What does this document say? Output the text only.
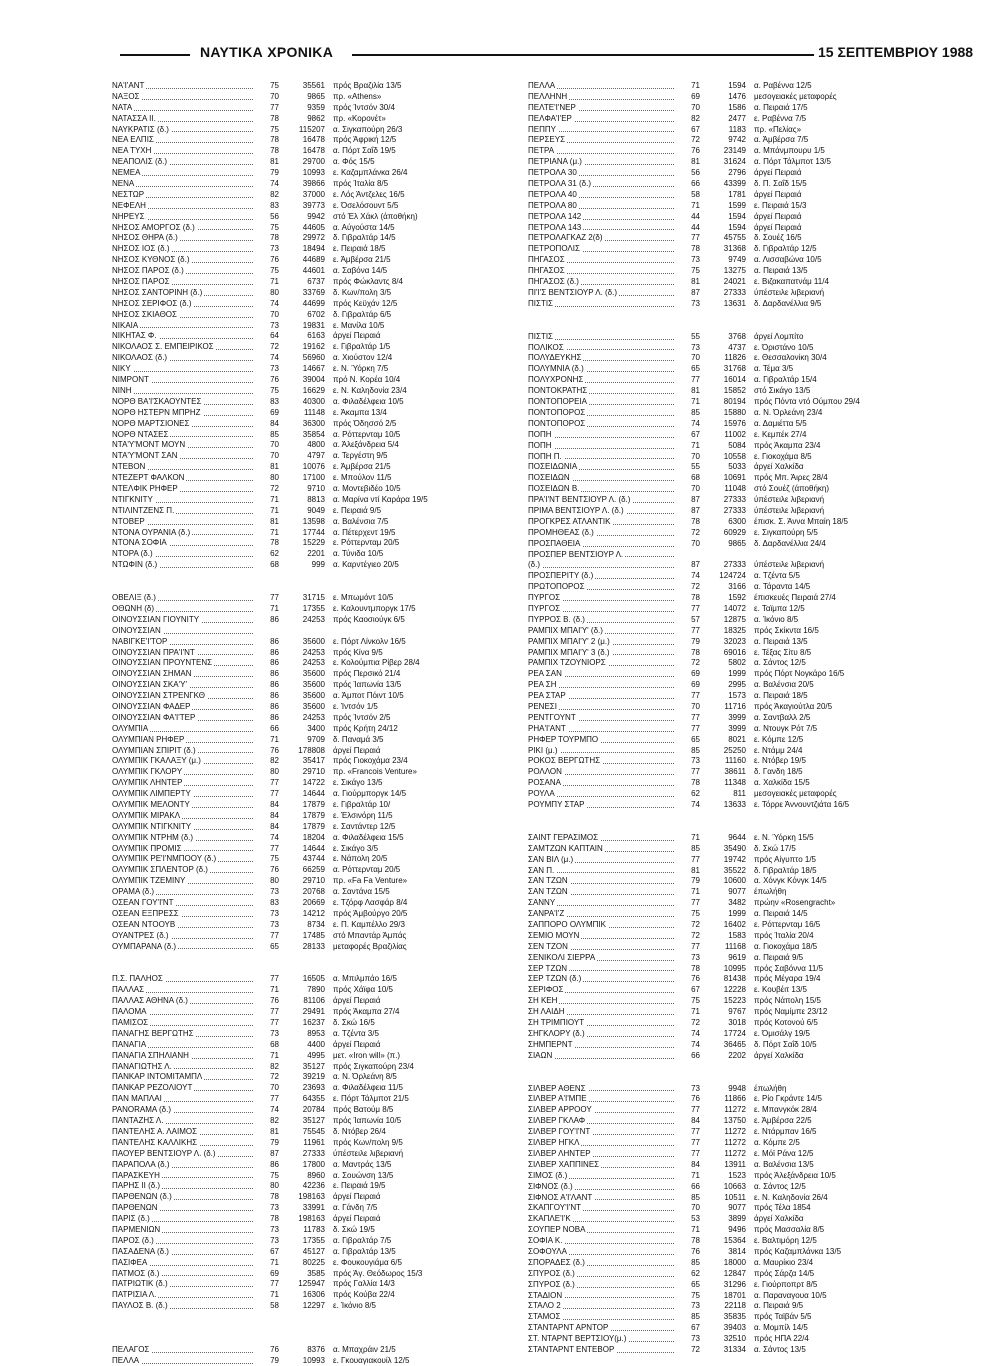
ΝΑΥΤΙΚΑ ΧΡΟΝΙΚΑ	15 ΣΕΠΤΕΜΒΡΙΟΥ 1988
ΝΑ'Ι'ΑΝΤ	75	35561	πρός Βραζιλία 13/5
ΝΑΞΟΣ	70	9865	πρ. «Athens»
ΝΑΤΑ	77	9359	πρός Ίντσόν 30/4
ΝΑΤΑΣΣΑ ΙΙ.	78	9862	πρ. «Κορονέτ»
ΝΑΥΚΡΑΤΙΣ (δ.)	75	115207	α. Σιγκαπούρη 26/3
ΝΕΑ ΕΛΠΙΣ	78	16478	πρός Άφρική 12/5
ΝΕΑ ΤΥΧΗ	78	16478	α. Πόρτ Σαΐδ 19/5
ΝΕΑΠΟΛΙΣ (δ.)	81	29700	α. Φός 15/5
ΝΕΜΕΑ	79	10993	ε. Καζαμπλάνκα 26/4
ΝΕΝΑ	74	39866	πρός Ίταλία 8/5
ΝΕΣΤΩΡ	82	37000	ε. Λός Άντζελες 16/5
ΝΕΦΕΛΗ	83	39773	ε. Όσελόσουντ 5/5
ΝΗΡΕΥΣ	56	9942	στό Έλ Χάκλ (άποθήκη)
ΝΗΣΟΣ ΑΜΟΡΓΟΣ (δ.)	75	44605	α. Αύγούστα 14/5
ΝΗΣΟΣ ΘΗΡΑ (δ.)	78	29972	δ. Γιβραλτάρ 14/5
ΝΗΣΟΣ ΙΟΣ (δ.)	73	18494	ε. Πειραιά 18/5
ΝΗΣΟΣ ΚΥΘΝΟΣ (δ.)	76	44689	ε. Άμβέρσα 21/5
ΝΗΣΟΣ ΠΑΡΟΣ (δ.)	75	44601	α. Σαβόνα 14/5
ΝΗΣΟΣ ΠΑΡΟΣ	71	6737	πρός Φώκλαντς 8/4
ΝΗΣΟΣ ΣΑΝΤΟΡΙΝΗ (δ.)	80	33769	δ. Κων/πολη 3/5
ΝΗΣΟΣ ΣΕΡΙΦΟΣ (δ.)	74	44699	πρός Κεϋχάν 12/5
ΝΗΣΟΣ ΣΚΙΑΘΟΣ	70	6702	δ. Γιβραλτάρ 6/5
ΝΙΚΑΙΑ	73	19831	ε. Μανίλα 10/5
ΝΙΚΗΤΑΣ Φ.	64	6163	άργεί Πειραιά
ΝΙΚΟΛΑΟΣ Σ. ΕΜΠΕΙΡΙΚΟΣ	72	19162	ε. Γιβραλτάρ 1/5
ΝΙΚΟΛΑΟΣ (δ.)	74	56960	α. Χιούστον 12/4
ΝΙΚΥ	73	14667	ε. Ν. Ύόρκη 7/5
ΝΙΜΡΟΝΤ	76	39004	πρό Ν. Κορέα 10/4
ΝΙΝΗ	75	16629	ε. Ν. Καληδονία 23/4
ΝΟΡΘ ΒΑ'Ι'ΣΚΑΟΥΝΤΕΣ	83	40300	α. Φιλαδέλφεια 10/5
ΝΟΡΘ ΗΣΤΕΡΝ ΜΠΡΗΖ	69	11148	ε. Άκαμπα 13/4
ΝΟΡΘ ΜΑΡΤΣΙΟΝΕΣ	84	36300	πρός Όδησσό 2/5
ΝΟΡΘ ΝΤΑΣΕΣ	85	35854	α. Ρόττερνταμ 10/5
ΝΤΑ'Υ'ΜΟΝΤ ΜΟΥΝ	70	4800	α. Άλεξάνδρεια 5/4
ΝΤΑ'Υ'ΜΟΝΤ ΣΑΝ	70	4797	α. Τεργέστη 9/5
ΝΤΕΒΟΝ	81	10076	ε. Άμβέρσα 21/5
ΝΤΕΖΕΡΤ ΦΑΛΚΟΝ	80	17100	ε. Μπούλον 11/5
ΝΤΕΛΦΙΚ ΡΗΦΕΡ	72	9710	α. Μοντεβιδέο 10/5
ΝΤΙΓΚΝΙΤΥ	71	8813	α. Μαρίνα ντί Καράρα 19/5
ΝΤΙΛΙΝΤΖΕΝΣ Π.	71	9049	ε. Πειραιά 9/5
ΝΤΟΒΕΡ	81	13598	α. Βαλένσια 7/5
ΝΤΟΝΑ ΟΥΡΑΝΙΑ (δ.)	71	17744	α. Πέτερχεντ 19/5
ΝΤΟΝΑ ΣΟΦΙΑ	78	15229	ε. Ρόττερνταμ 20/5
ΝΤΟΡΑ (δ.)	62	2201	α. Τύνιδα 10/5
ΝΤΩΦΙΝ (δ.)	68	999	α. Καρντέγιεο 20/5
ΟΒΕΛΙΞ (δ.)	77	31715	ε. Μπωμόντ 10/5
ΟΘΩΝΗ (δ)	71	17355	ε. Καλουντμποργκ 17/5
ΟΙΝΟΥΣΣΙΑΝ ΓΙΟΥΝΙΤΥ	86	24253	πρός Καοσιούγκ 6/5
ΟΙΝΟΥΣΣΙΑΝ
ΝΑΒΙΓΚΕ'Ι'ΤΟΡ	86	35600	ε. Πόρτ Λίνκολν 16/5
ΟΙΝΟΥΣΣΙΑΝ ΠΡΑ'Ι'ΝΤ	86	24253	πρός Κίνα 9/5
ΟΙΝΟΥΣΣΙΑΝ ΠΡΟΥΝΤΕΝΣ	86	24253	ε. Κολούμπια Ρίβερ 28/4
ΟΙΝΟΥΣΣΙΑΝ ΣΗΜΑΝ	86	35600	πρός Περσικό 21/4
ΟΙΝΟΥΣΣΙΑΝ ΣΚΑ'Υ'	86	35600	πρός Ίαπωνία 13/5
ΟΙΝΟΥΣΣΙΑΝ ΣΤΡΕΝΓΚΘ	86	35600	α. Άμποτ Πόιντ 10/5
ΟΙΝΟΥΣΣΙΑΝ ΦΑΔΕΡ	86	35600	ε. Ίντσόν 1/5
ΟΙΝΟΥΣΣΙΑΝ ΦΑ'Ι'ΤΕΡ	86	24253	πρός Ίντσόν 2/5
ΟΛΥΜΠΙΑ	66	3400	πρός Κρήτη 24/12
ΟΛΥΜΠΙΑΝ ΡΗΦΕΡ	71	9709	δ. Παναμά 3/5
ΟΛΥΜΠΙΑΝ ΣΠΙΡΙΤ (δ.)	76	178808	άργεί Πειραιά
ΟΛΥΜΠΙΚ ΓΚΑΛΑΞΥ (μ.)	82	35417	πρός Γιοκοχάμα 23/4
ΟΛΥΜΠΙΚ ΓΚΛΟΡΥ	80	29710	πρ. «Francois Venture»
ΟΛΥΜΠΙΚ ΛΗΝΤΕΡ	77	14722	ε. Σικάγο 13/5
ΟΛΥΜΠΙΚ ΛΙΜΠΕΡΤΥ	77	14644	α. Γιούρμποργκ 14/5
ΟΛΥΜΠΙΚ ΜΕΛΟΝΤΥ	84	17879	ε. Γιβραλτάρ 10/
ΟΛΥΜΠΙΚ ΜΙΡΑΚΛ	84	17879	ε. Έλσινόρη 11/5
ΟΛΥΜΠΙΚ ΝΤΙΓΚΝΙΤΥ	84	17879	ε. Σαντάντερ 12/5
ΟΛΥΜΠΙΚ ΝΤΡΗΜ (δ.)	74	18204	α. Φιλαδέλφεια 15/5
ΟΛΥΜΠΙΚ ΠΡΟΜΙΣ	77	14644	ε. Σικάγο 3/5
ΟΛΥΜΠΙΚ ΡΕ'Ι'ΝΜΠΟΟΥ (δ.)	75	43744	ε. Νάπολη 20/5
ΟΛΥΜΠΙΚ ΣΠΛΕΝΤΟΡ (δ.)	76	66259	α. Ρόττερνταμ 20/5
ΟΛΥΜΠΙΚ ΤΖΕΜΙΝΥ	80	29710	πρ. «Fa Fa Venture»
ΟΡΑΜΑ (δ.)	73	20768	α. Σαντάνα 15/5
ΟΣΕΑΝ ΓΟΥ'Ι'ΝΤ	83	20669	ε. Τζόρφ Λασφάρ 8/4
ΟΣΕΑΝ ΕΞΠΡΕΣΣ	73	14212	πρός Άμβούργο 20/5
ΟΣΕΑΝ ΝΤΟΟΥΒ	73	8734	ε. Π. Καμπέλλο 29/3
ΟΥΑΝΤΡΕΣ (δ.)	77	17485	στό Μπαντάρ Άμπάς
ΟΥΜΠΑΡΑΝΑ (δ.)	65	28133	μεταφορές Βραζιλίας
Π.Σ. ΠΑΛΗΟΣ	77	16505	α. Μπιλμπάο 16/5
ΠΑΛΛΑΣ	71	7890	πρός Χάϊφα 10/5
ΠΑΛΛΑΣ ΑΘΗΝΑ (δ.)	76	81106	άργεί Πειραιά
ΠΑΛΟΜΑ	77	29491	πρός Άκαμπα 27/4
ΠΑΜΙΣΟΣ	77	16237	δ. Σκώ 16/5
ΠΑΝΑΓΗΣ ΒΕΡΓΩΤΗΣ	73	8953	α. Τζέντα 3/5
ΠΑΝΑΓΙΑ	68	4400	άργεί Πειραιά
ΠΑΝΑΓΙΑ ΣΠΗΛΙΑΝΗ	71	4995	μετ. «Iron will» (π.)
ΠΑΝΑΓΙΩΤΗΣ Λ.	82	35127	πρός Σιγκαπούρη 23/4
ΠΑΝΚΑΡ ΙΝΤΟΜΙΤΑΜΠΛ	72	39219	α. Ν. Όρλεάνη 8/5
ΠΑΝΚΑΡ ΡΕΖΟΛΙΟΥΤ	70	23693	α. Φιλαδέλφεια 11/5
ΠΑΝ ΜΑΠΛΑΙ	77	64355	ε. Πόρτ Τάλμποτ 21/5
PANORAMA (δ.)	74	20784	πρός Βατούμ 8/5
ΠΑΝΤΑΖΗΣ Λ.	82	35127	πρός Ίαπωνία 10/5
ΠΑΝΤΕΛΗΣ Α. ΛΑΙΜΟΣ	81	75545	δ. Ντόβερ 26/4
ΠΑΝΤΕΛΗΣ ΚΑΛΛΙΚΗΣ	79	11961	πρός Κων/πολη 9/5
ΠΑΟΥΕΡ ΒΕΝΤΣΙΟΥΡ Λ. (δ.)	87	27333	ύπέστειλε λιβεριανή
ΠΑΡΑΠΟΛΑ (δ.)	86	17800	α. Μαντράς 13/5
ΠΑΡΑΣΚΕΥΗ	75	8960	α. Σουώνση 13/5
ΠΑΡΗΣ ΙΙ (δ.)	80	42236	ε. Πειραιά 19/5
ΠΑΡΘΕΝΩΝ (δ.)	78	198163	άργεί Πειραιά
ΠΑΡΘΕΝΩΝ	73	33991	α. Γάνδη 7/5
ΠΑΡΙΣ (δ.)	78	198163	άργεί Πειραιά
ΠΑΡΜΕΝΙΩΝ	73	11783	δ. Σκώ 19/5
ΠΑΡΟΣ (δ.)	73	17355	α. Γιβραλτάρ 7/5
ΠΑΣΑΔΕΝΑ (δ.)	67	45127	α. Γιβραλτάρ 13/5
ΠΑΣΙΦΕΑ	71	80225	ε. Φουκουγιάμα 6/5
ΠΑΤΜΟΣ (δ.)	69	3585	πρός Άγ. Θεόδωρος 15/3
ΠΑΤΡΙΩΤΙΚ (δ.)	77	125947	πρός Γαλλία 14/3
ΠΑΤΡΙΣΙΑ Λ.	71	16306	πρός Κούβα 22/4
ΠΑΥΛΟΣ Β. (δ.)	58	12297	ε. Ίκόνιο 8/5
ΠΕΛΑΓΟΣ	76	8376	α. Μπαχράιν 21/5
ΠΕΛΛΑ	79	10993	ε. Γκουαγιακουίλ 12/5
ΠΕΛΛΑ	71	1594	α. Ραβέννα 12/5
ΠΕΛΛΗΝΗ	69	1476	μεσογειακές μεταφορές
ΠΕΛΤΕ'Ι'ΝΕΡ	70	1586	α. Πειραιά 17/5
ΠΕΛΦΑ'Ι'ΕΡ	82	2477	ε. Ραβέννα 7/5
ΠΕΠΠΥ	67	1183	πρ. «Πελίας»
ΠΕΡΣΕΥΣ	72	9742	α. Άμβέρσα 7/5
ΠΕΤΡΑ	76	23149	α. Μπάνμπουρυ 1/5
ΠΕΤΡΙΑΝΑ (μ.)	81	31624	α. Πόρτ Τάλμποτ 13/5
ΠΕΤΡΟΛΑ 30	56	2796	άργεί Πειραιά
ΠΕΤΡΟΛΑ 31 (δ.)	66	43399	δ. Π. Σαΐδ 15/5
ΠΕΤΡΟΛΑ 40	58	1781	άργεί Πειραιά
ΠΕΤΡΟΛΑ 80	71	1599	ε. Πειραιά 15/3
ΠΕΤΡΟΛΑ 142	44	1594	άργεί Πειραιά
ΠΕΤΡΟΛΑ 143	44	1594	άργεί Πειραιά
ΠΕΤΡΟΛΑΓΚΑΖ 2(δ)	77	45755	δ. Σουέζ 16/5
ΠΕΤΡΟΠΟΛΙΣ	78	31368	δ. Γιβραλτάρ 12/5
ΠΗΓΑΣΟΣ	73	9749	α. Λισσαβώνα 10/5
ΠΗΓΑΣΟΣ	75	13275	α. Πειραιά 13/5
ΠΗΓΑΣΟΣ (δ.)	81	24021	ε. Βιζακαπατνάμ 11/4
ΠΙ'Ι'Σ ΒΕΝΤΣΙΟΥΡ Λ. (δ.)	87	27333	ύπέστειλε λιβεριανή
ΠΙΣΤΙΣ	73	13631	δ. Δαρδανέλλια 9/5
ΠΙΣΤΙΣ	55	3768	άργεί Λομπίτο
ΠΟΛΙΚΟΣ	73	4737	ε. Όριστάνο 10/5
ΠΟΛΥΔΕΥΚΗΣ	70	11826	ε. Θεσσαλονίκη 30/4
ΠΟΛΥΜΝΙΑ (δ.)	65	31768	α. Τέμα 3/5
ΠΟΛΥΧΡΟΝΗΣ	77	16014	α. Γιβραλτάρ 15/4
ΠΟΝΤΟΚΡΑΤΗΣ	81	15852	στό Σικάγο 13/5
ΠΟΝΤΟΠΟΡΕΙΑ	71	80194	πρός Πόντα ντό Ούμπου 29/4
ΠΟΝΤΟΠΟΡΟΣ	85	15880	α. Ν. Όρλεάνη 23/4
ΠΟΝΤΟΠΟΡΟΣ	74	15976	α. Δαμιέττα 5/5
ΠΟΠΗ	67	11002	ε. Κεμπέκ 27/4
ΠΟΠΗ	71	5084	πρός Άκαμπα 23/4
ΠΟΠΗ Π.	70	10558	ε. Γιοκοχάμα 8/5
ΠΟΣΕΙΔΩΝΙΑ	55	5033	άργεί Χαλκίδα
ΠΟΣΕΙΔΩΝ	68	10691	πρός Μπ. Άιρες 28/4
ΠΟΣΕΙΔΩΝ Β.	70	11048	στό Σουέζ (άποθήκη)
ΠΡΑ'Ι'ΝΤ ΒΕΝΤΣΙΟΥΡ Λ. (δ.)	87	27333	ύπέστειλε λιβεριανή
ΠΡΙΜΑ ΒΕΝΤΣΙΟΥΡ Λ. (δ.)	87	27333	ύπέστειλε λιβεριανή
ΠΡΟΓΚΡΕΣ ΑΤΛΑΝΤΙΚ	78	6300	έπισκ. Σ. Άννα Μπαίη 18/5
ΠΡΟΜΗΘΕΑΣ (δ.)	72	60929	ε. Σιγκαπούρη 5/5
ΠΡΟΣΠΑΘΕΙΑ	70	9865	δ. Δαρδανέλλια 24/4
ΠΡΟΣΠΕΡ ΒΕΝΤΣΙΟΥΡ Λ.
(δ.)	87	27333	ύπέστειλε λιβεριανή
ΠΡΟΣΠΕΡΙΤΥ (δ.)	74	124724	α. Τζέντα 5/5
ΠΡΩΤΟΠΟΡΟΣ	72	3166	α. Τάραντα 14/5
ΠΥΡΓΟΣ	78	1592	έπισκευές Πειραιά 27/4
ΠΥΡΓΟΣ	77	14072	ε. Ταϊμπα 12/5
ΠΥΡΡΟΣ Β. (δ.)	57	12875	α. Ίκόνιο 8/5
ΡΑΜΠΙΧ ΜΠΑΙ'Υ' (δ.)	77	18325	πρός Σκίκντα 16/5
ΡΑΜΠΙΧ ΜΠΑΙ'Υ' 2 (μ.)	79	32023	α. Πειραιά 13/5
ΡΑΜΠΙΧ ΜΠΑΙ'Υ' 3 (δ.)	78	69016	ε. Τέξας Σίτυ 8/5
ΡΑΜΠΙΧ ΤΖΟΥΝΙΟΡΣ	72	5802	α. Σάντος 12/5
ΡΕΑ ΣΑΝ	69	1999	πρός Πόρτ Νογκάρο 16/5
ΡΕΑ ΣΗ	69	2995	α. Βαλένσια 20/5
ΡΕΑ ΣΤΑΡ	77	1573	α. Πειραιά 18/5
ΡΕΝΕΣΙ	70	11716	πρός Άκαγιούτλα 20/5
ΡΕΝΤΓΟΥΝΤ	77	3999	α. Σαντβαλλ 2/5
ΡΗΑ'Ι'ΑΝΤ	77	3999	α. Ντουγκ Ρότ 7/5
ΡΗΦΕΡ ΤΟΥΡΜΠΟ	65	8021	ε. Κόμπε 12/5
ΡΙΚΙ (μ.)	85	25250	ε. Ντάμμ 24/4
ΡΟΚΟΣ ΒΕΡΓΩΤΗΣ	73	11160	ε. Ντόβερ 19/5
ΡΟΛΛΟΝ	77	38611	δ. Γανδη 18/5
ΡΟΣΑΝΑ	78	11348	α. Χαλκίδα 15/5
ΡΟΥΛΑ	62	811	μεσογειακές μεταφορές
ΡΟΥΜΠΥ ΣΤΑΡ	74	13633	ε. Τόρρε Άννουντζιάτα 16/5
ΣΑΙΝΤ ΓΕΡΑΣΙΜΟΣ	71	9644	ε. Ν. Ύόρκη 15/5
ΣΑΜΤΖΩΝ ΚΑΠΤΑΙΝ	85	35490	δ. Σκώ 17/5
ΣΑΝ ΒΙΛ (μ.)	77	19742	πρός Αίγυπτο 1/5
ΣΑΝ Π.	81	35522	δ. Γιβραλτάρ 18/5
ΣΑΝ ΤΖΩΝ	79	10600	α. Χόνγκ Κόνγκ 14/5
ΣΑΝ ΤΖΩΝ	71	9077	έπωλήθη
ΣΑΝΝΥ	77	3482	πρώην «Rosengracht»
ΣΑΝΡΑ'Ι'Ζ	75	1999	α. Πειραιά 14/5
ΣΑΠΠΟΡΟ ΟΛΥΜΠΙΚ	72	16402	ε. Ρόττερνταμ 16/5
ΣΕΜΙΟ ΜΟΥΝ	72	1583	πρός Ίταλία 20/4
ΣΕΝ ΤΖΟΝ	77	11168	α. Γιοκοχάμα 18/5
ΣΕΝΙΚΟΛΙ ΣΙΕΡΡΑ	73	9619	α. Πειραιά 9/5
ΣΕΡ ΤΖΩΝ	78	10995	πρός Σαβόννα 11/5
ΣΕΡ ΤΖΩΝ (δ.)	76	81438	πρός Μέγαρα 19/4
ΣΕΡΙΦΟΣ	67	12228	ε. Κουβέιτ 13/5
ΣΗ ΚΕΗ	75	15223	πρός Νάπολη 15/5
ΣΗ ΛΑΙΔΗ	71	9767	πρός Ναμίμπε 23/12
ΣΗ ΤΡΙΜΠΙΟΥΤ	72	3018	πρός Κοτονού 6/5
ΣΗΓΚΛΟΡΥ (δ.)	74	17724	ε. Όμισάλγ 19/5
ΣΗΜΠΕΡΝΤ	74	36465	δ. Πόρτ Σαΐδ 10/5
ΣΙΑΩΝ	66	2202	άργεί Χαλκίδα
ΣΙΛΒΕΡ ΑΘΕΝΣ	73	9948	έπωλήθη
ΣΙΛΒΕΡ Α'Ι'ΜΠΕ	76	11866	ε. Ρίο Γκράντε 14/5
ΣΙΛΒΕΡ ΑΡΡΟΟΥ	77	11272	ε. Μπανγκόκ 28/4
ΣΙΛΒΕΡ ΓΚΛΑΦ	84	13750	ε. Άμβέρσα 22/5
ΣΙΛΒΕΡ ΓΟΥ'Ι'ΝΤ	77	11272	ε. Ντάρμπαν 16/5
ΣΙΛΒΕΡ ΗΓΚΛ	77	11272	α. Κόμπε 2/5
ΣΙΛΒΕΡ ΛΗΝΤΕΡ	77	11272	ε. Μόϊ Ράνα 12/5
ΣΙΛΒΕΡ ΧΑΠΠΙΝΕΣ	84	13911	α. Βαλένσια 13/5
ΣΙΜΟΣ (δ.)	71	1523	πρός Άλεξάνδρεια 10/5
ΣΙΦΝΟΣ (δ.)	66	10663	α. Σάντος 12/5
ΣΙΦΝΟΣ Α'Ι'ΛΑΝΤ	85	10511	ε. Ν. Καληδονία 26/4
ΣΚΑΠΓΟΥ'Ι'ΝΤ	70	9077	πρός Τέλα 1854
ΣΚΑΠΛΕ'Ι'Κ	53	3899	άργεί Χαλκίδα
ΣΟΥΠΕΡ ΝΟΒΑ	71	9496	πρός Μασσαλία 8/5
ΣΟΦΙΑ Κ.	78	15364	ε. Βαλτιμόρη 12/5
ΣΟΦΟΥΛΑ	76	3814	πρός Καζαμπλάνκα 13/5
ΣΠΟΡΑΔΕΣ (δ.)	85	18000	α. Μαυρίκιο 23/4
ΣΠΥΡΟΣ (δ.)	62	12847	πρός Σάρζα 14/5
ΣΠΥΡΟΣ (δ.)	65	31296	ε. Γιούρποπρτ 8/5
ΣΤΑΔΙΟΝ	75	18701	α. Παραναγουα 10/5
ΣΤΑΛΟ 2	73	22118	α. Πειραιά 9/5
ΣΤΑΜΟΣ	85	35835	πρός Ταϊβάν 5/5
ΣΤΑΝΤΑΡΝΤ ΑΡΝΤΟΡ	67	39403	α. Μομπίλ 14/5
ΣΤ. ΝΤΑΡΝΤ ΒΕΡΤΣΙΟΥ(μ.)	73	32510	πρός ΗΠΑ 22/4
ΣΤΑΝΤΑΡΝΤ ΕΝΤΕΒΟΡ	72	31334	α. Σάντος 13/5
